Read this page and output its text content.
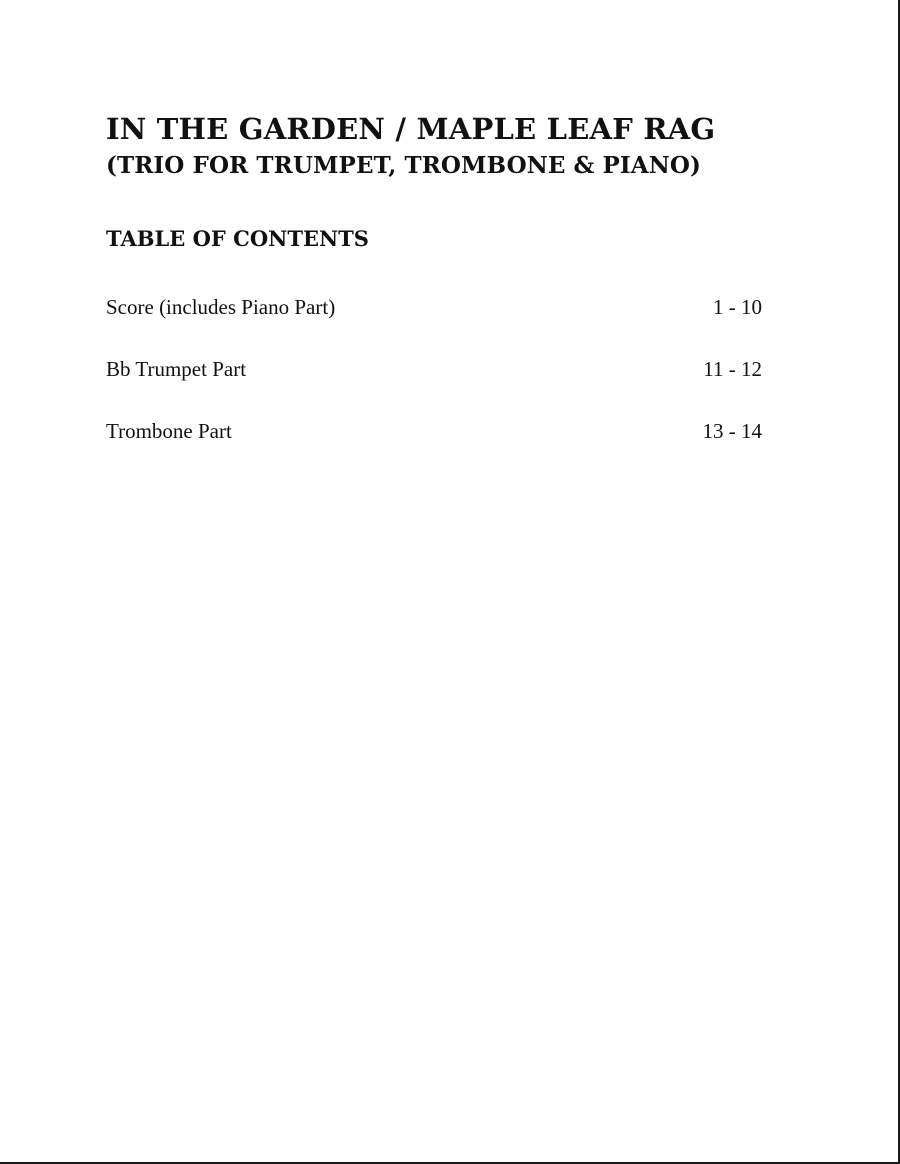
IN THE GARDEN / MAPLE LEAF RAG
(TRIO FOR TRUMPET, TROMBONE & PIANO)
TABLE OF CONTENTS
Score (includes Piano Part)	1 - 10
Bb Trumpet Part	11 - 12
Trombone Part	13 - 14
